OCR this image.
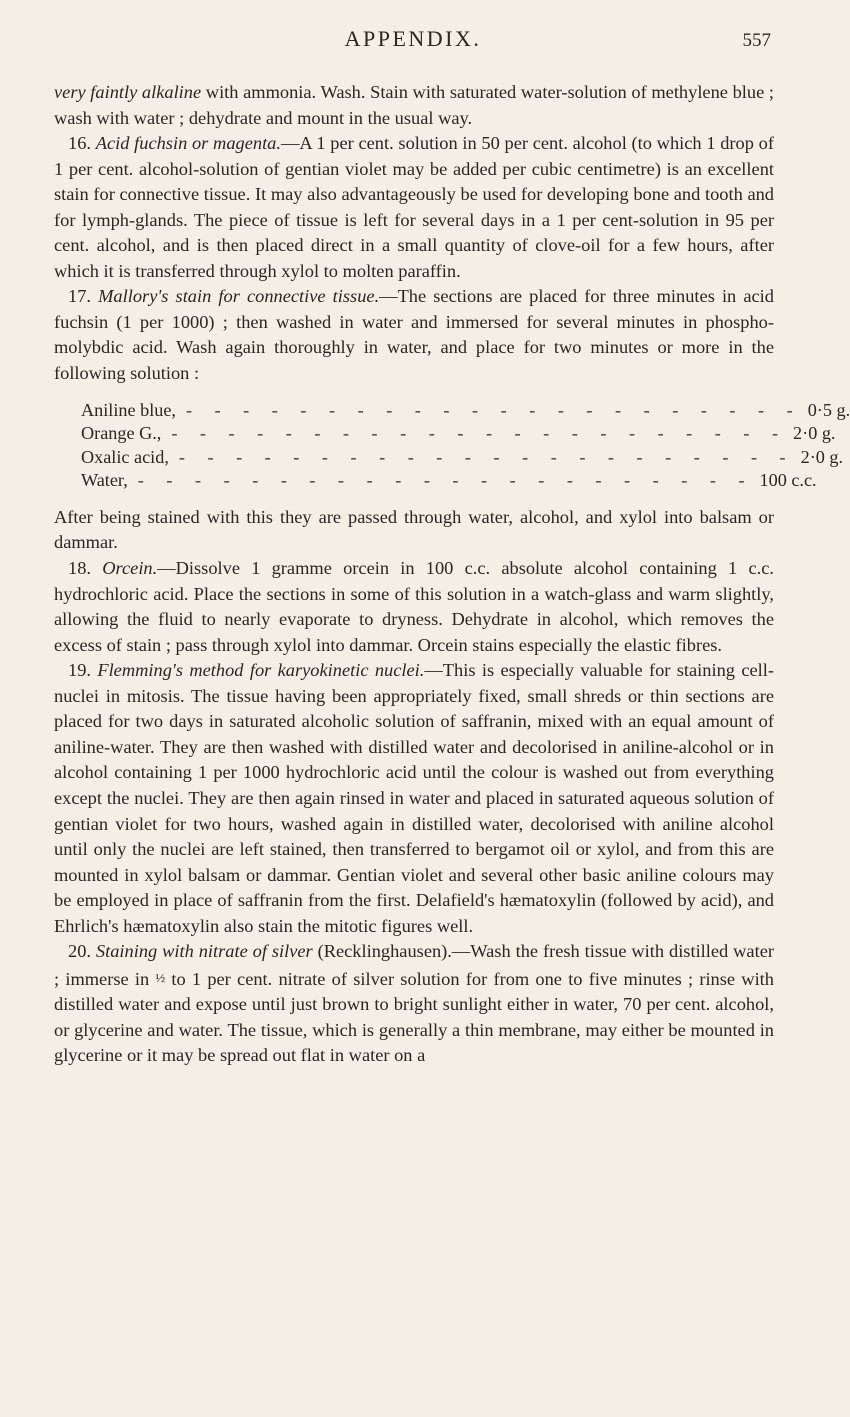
APPENDIX.	557

very faintly alkaline with ammonia. Wash. Stain with saturated water-solution of methylene blue ; wash with water ; dehydrate and mount in the usual way.

16. Acid fuchsin or magenta.—A 1 per cent. solution in 50 per cent. alcohol (to which 1 drop of 1 per cent. alcohol-solution of gentian violet may be added per cubic centimetre) is an excellent stain for connective tissue. It may also advantageously be used for developing bone and tooth and for lymph-glands. The piece of tissue is left for several days in a 1 per cent-solution in 95 per cent. alcohol, and is then placed direct in a small quantity of clove-oil for a few hours, after which it is transferred through xylol to molten paraffin.

17. Mallory's stain for connective tissue.—The sections are placed for three minutes in acid fuchsin (1 per 1000) ; then washed in water and immersed for several minutes in phospho-molybdic acid. Wash again thoroughly in water, and place for two minutes or more in the following solution :

Aniline blue, - - - - - - - - - - - - - - - - - - - - - - 0·5 g.
Orange G., - - - - - - - - - - - - - - - - - - - - - - 2·0 g.
Oxalic acid, - - - - - - - - - - - - - - - - - - - - - - 2·0 g.
Water, - - - - - - - - - - - - - - - - - - - - - - 100 c.c.

After being stained with this they are passed through water, alcohol, and xylol into balsam or dammar.

18. Orcein.—Dissolve 1 gramme orcein in 100 c.c. absolute alcohol containing 1 c.c. hydrochloric acid. Place the sections in some of this solution in a watch-glass and warm slightly, allowing the fluid to nearly evaporate to dryness. Dehydrate in alcohol, which removes the excess of stain ; pass through xylol into dammar. Orcein stains especially the elastic fibres.

19. Flemming's method for karyokinetic nuclei.—This is especially valuable for staining cell-nuclei in mitosis. The tissue having been appropriately fixed, small shreds or thin sections are placed for two days in saturated alcoholic solution of saffranin, mixed with an equal amount of aniline-water. They are then washed with distilled water and decolorised in aniline-alcohol or in alcohol containing 1 per 1000 hydrochloric acid until the colour is washed out from everything except the nuclei. They are then again rinsed in water and placed in saturated aqueous solution of gentian violet for two hours, washed again in distilled water, decolorised with aniline alcohol until only the nuclei are left stained, then transferred to bergamot oil or xylol, and from this are mounted in xylol balsam or dammar. Gentian violet and several other basic aniline colours may be employed in place of saffranin from the first. Delafield's hæmatoxylin (followed by acid), and Ehrlich's hæmatoxylin also stain the mitotic figures well.

20. Staining with nitrate of silver (Recklinghausen).—Wash the fresh tissue with distilled water ; immerse in ½ to 1 per cent. nitrate of silver solution for from one to five minutes ; rinse with distilled water and expose until just brown to bright sunlight either in water, 70 per cent. alcohol, or glycerine and water. The tissue, which is generally a thin membrane, may either be mounted in glycerine or it may be spread out flat in water on a
